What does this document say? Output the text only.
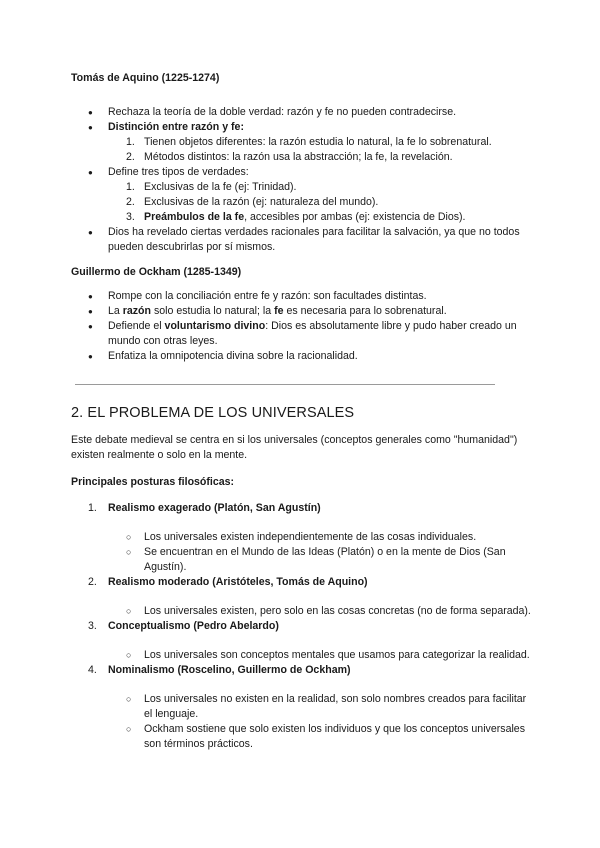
Tomás de Aquino (1225-1274)

● Rechaza la teoría de la doble verdad: razón y fe no pueden contradecirse.
● Distinción entre razón y fe:
1. Tienen objetos diferentes: la razón estudia lo natural, la fe lo sobrenatural.
2. Métodos distintos: la razón usa la abstracción; la fe, la revelación.
● Define tres tipos de verdades:
1. Exclusivas de la fe (ej: Trinidad).
2. Exclusivas de la razón (ej: naturaleza del mundo).
3. Preámbulos de la fe, accesibles por ambas (ej: existencia de Dios).
● Dios ha revelado ciertas verdades racionales para facilitar la salvación, ya que no todos pueden descubrirlas por sí mismos.

Guillermo de Ockham (1285-1349)

● Rompe con la conciliación entre fe y razón: son facultades distintas.
● La razón solo estudia lo natural; la fe es necesaria para lo sobrenatural.
● Defiende el voluntarismo divino: Dios es absolutamente libre y pudo haber creado un mundo con otras leyes.
● Enfatiza la omnipotencia divina sobre la racionalidad.

2. EL PROBLEMA DE LOS UNIVERSALES

Este debate medieval se centra en si los universales (conceptos generales como "humanidad") existen realmente o solo en la mente.

Principales posturas filosóficas:

1. Realismo exagerado (Platón, San Agustín)
○ Los universales existen independientemente de las cosas individuales.
○ Se encuentran en el Mundo de las Ideas (Platón) o en la mente de Dios (San Agustín).
2. Realismo moderado (Aristóteles, Tomás de Aquino)
○ Los universales existen, pero solo en las cosas concretas (no de forma separada).
3. Conceptualismo (Pedro Abelardo)
○ Los universales son conceptos mentales que usamos para categorizar la realidad.
4. Nominalismo (Roscelino, Guillermo de Ockham)
○ Los universales no existen en la realidad, son solo nombres creados para facilitar el lenguaje.
○ Ockham sostiene que solo existen los individuos y que los conceptos universales son términos prácticos.
